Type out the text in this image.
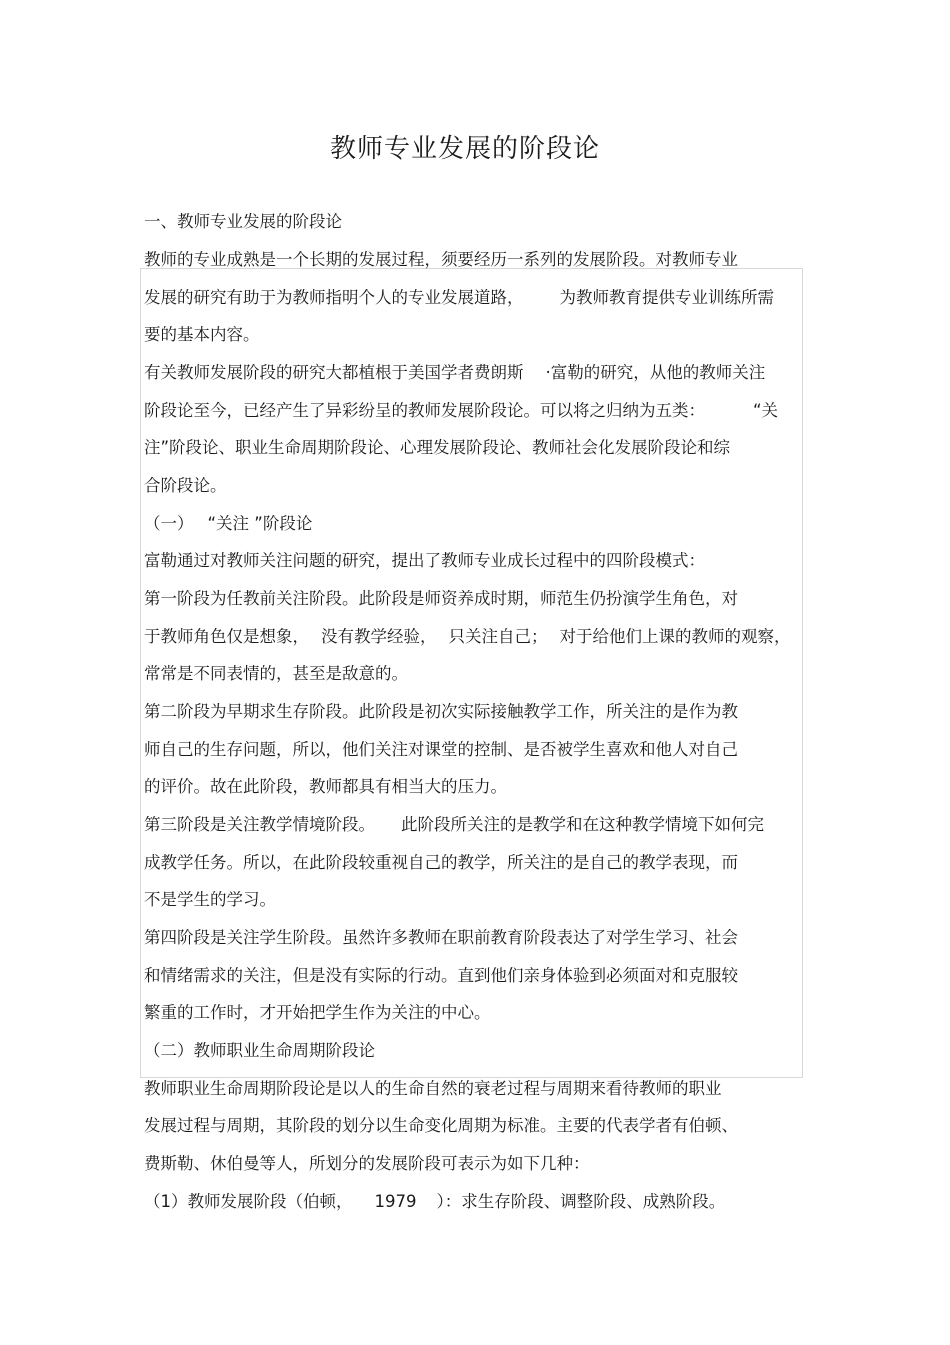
教师专业发展的阶段论
一、教师专业发展的阶段论
教师的专业成熟是一个长期的发展过程，须要经历一系列的发展阶段。对教师专业
发展的研究有助于为教师指明个人的专业发展道路， 为教师教育提供专业训练所需
要的基本内容。
有关教师发展阶段的研究大都植根于美国学者费朗斯 ·富勒的研究，从他的教师关注
阶段论至今，已经产生了异彩纷呈的教师发展阶段论。可以将之归纳为五类：	“关
注”阶段论、职业生命周期阶段论、心理发展阶段论、教师社会化发展阶段论和综
合阶段论。
（一） “关注 ”阶段论
富勒通过对教师关注问题的研究，提出了教师专业成长过程中的四阶段模式：
第一阶段为任教前关注阶段。此阶段是师资养成时期，师范生仍扮演学生角色，对
于教师角色仅是想象， 没有教学经验， 只关注自己； 对于给他们上课的教师的观察，
常常是不同表情的，甚至是敌意的。
第二阶段为早期求生存阶段。此阶段是初次实际接触教学工作，所关注的是作为教
师自己的生存问题，所以，他们关注对课堂的控制、是否被学生喜欢和他人对自己
的评价。故在此阶段，教师都具有相当大的压力。
第三阶段是关注教学情境阶段。 此阶段所关注的是教学和在这种教学情境下如何完
成教学任务。所以，在此阶段较重视自己的教学，所关注的是自己的教学表现，而
不是学生的学习。
第四阶段是关注学生阶段。虽然许多教师在职前教育阶段表达了对学生学习、社会
和情绪需求的关注，但是没有实际的行动。直到他们亲身体验到必须面对和克服较
繁重的工作时，才开始把学生作为关注的中心。
（二）教师职业生命周期阶段论
教师职业生命周期阶段论是以人的生命自然的衰老过程与周期来看待教师的职业
发展过程与周期，其阶段的划分以生命变化周期为标准。主要的代表学者有伯顿、
费斯勒、休伯曼等人，所划分的发展阶段可表示为如下几种：
（1）教师发展阶段（伯顿， 1979 ）：求生存阶段、调整阶段、成熟阶段。
